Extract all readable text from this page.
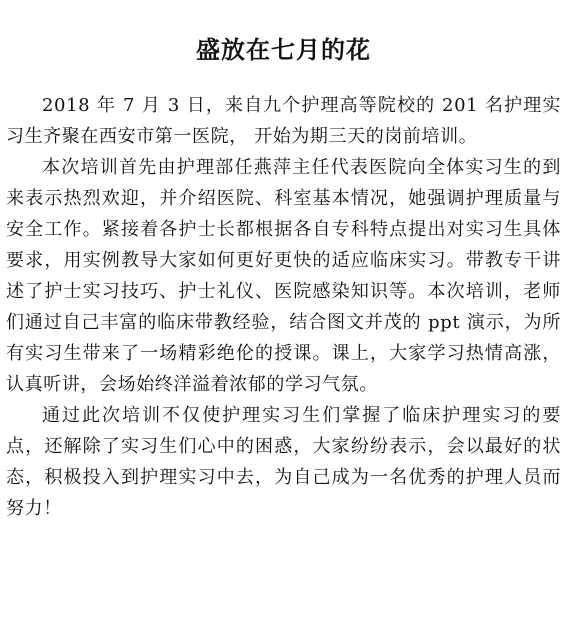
盛放在七月的花

2018 年 7 月 3 日，来自九个护理高等院校的 201 名护理实习生齐聚在西安市第一医院， 开始为期三天的岗前培训。

本次培训首先由护理部任燕萍主任代表医院向全体实习生的到来表示热烈欢迎，并介绍医院、科室基本情况，她强调护理质量与安全工作。紧接着各护士长都根据各自专科特点提出对实习生具体要求，用实例教导大家如何更好更快的适应临床实习。带教专干讲述了护士实习技巧、护士礼仪、医院感染知识等。本次培训，老师们通过自己丰富的临床带教经验，结合图文并茂的 ppt 演示，为所有实习生带来了一场精彩绝伦的授课。课上，大家学习热情高涨，认真听讲，会场始终洋溢着浓郁的学习气氛。

通过此次培训不仅使护理实习生们掌握了临床护理实习的要点，还解除了实习生们心中的困惑，大家纷纷表示，会以最好的状态，积极投入到护理实习中去，为自己成为一名优秀的护理人员而努力！
